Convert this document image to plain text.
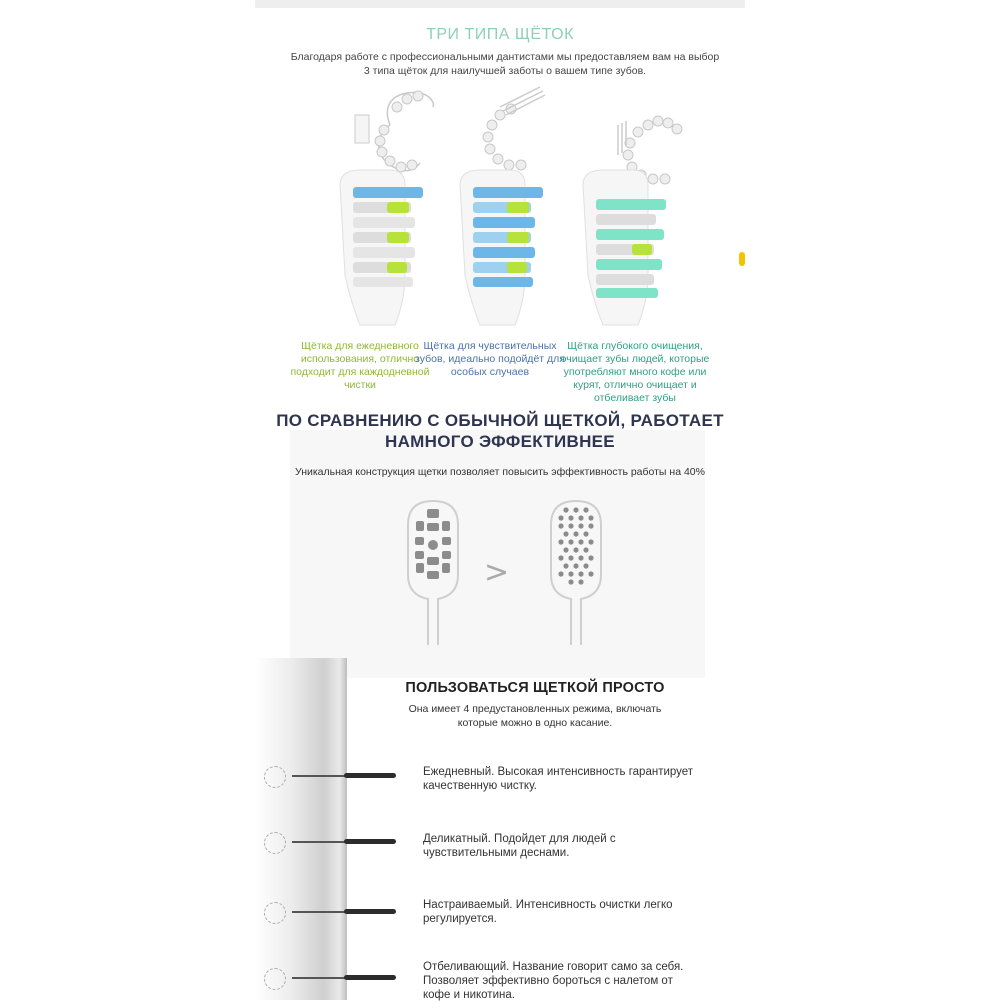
ТРИ ТИПА ЩЁТОК
Благодаря работе с профессиональными дантистами мы предоставляем вам на выбор 3 типа щёток для наилучшей заботы о вашем типе зубов.
Щётка для ежедневного использования, отлично подходит для каждодневной чистки
Щётка для чувствительных зубов, идеально подойдёт для особых случаев
Щётка глубокого очищения, очищает зубы людей, которые употребляют много кофе или курят, отлично очищает и отбеливает зубы
ПО СРАВНЕНИЮ С ОБЫЧНОЙ ЩЕТКОЙ, РАБОТАЕТ
НАМНОГО ЭФФЕКТИВНЕЕ
Уникальная конструкция щетки позволяет повысить эффективность работы на 40%
>
ПОЛЬЗОВАТЬСЯ ЩЕТКОЙ ПРОСТО
Она имеет 4 предустановленных режима, включать которые можно в одно касание.
Ежедневный. Высокая интенсивность гарантирует качественную чистку.
Деликатный. Подойдет для людей с чувствительными деснами.
Настраиваемый. Интенсивность очистки легко регулируется.
Отбеливающий. Название говорит само за себя. Позволяет эффективно бороться с налетом от кофе и никотина.
